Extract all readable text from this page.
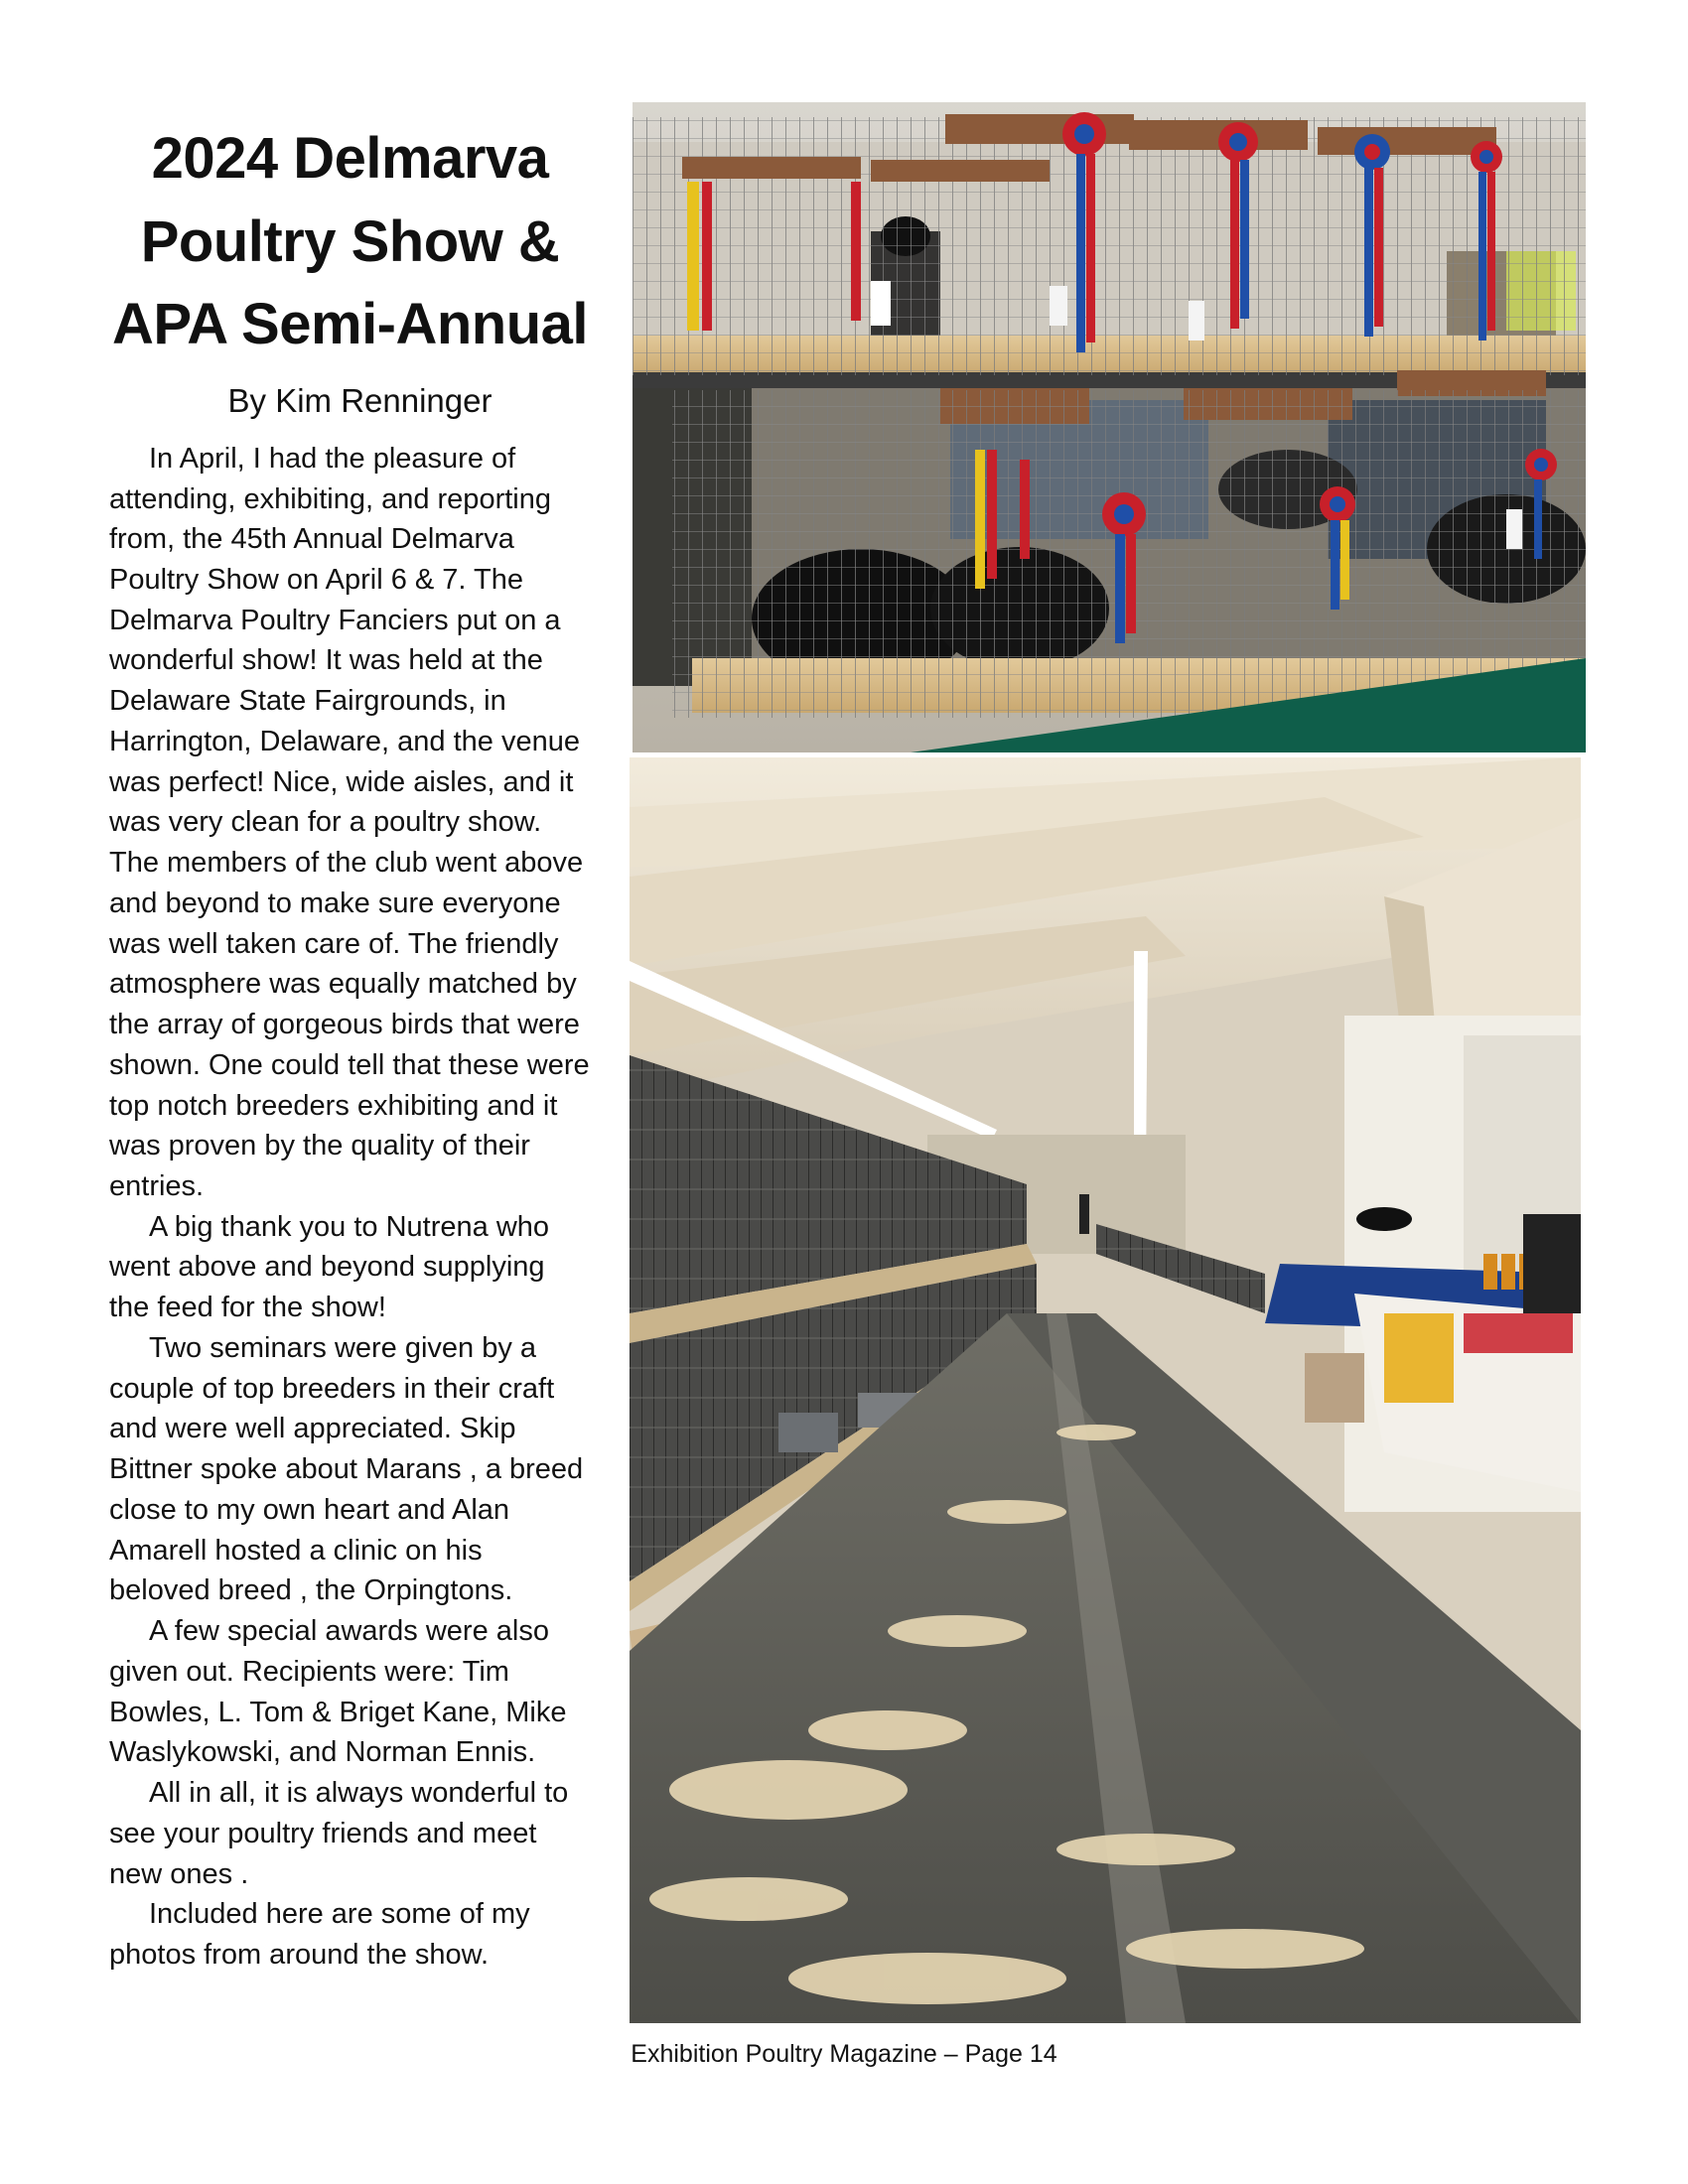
2024 Delmarva
Poultry Show &
APA Semi-Annual
By Kim Renninger

In April, I had the pleasure of attending, exhibiting, and reporting from, the 45th Annual Delmarva Poultry Show on April 6 & 7. The Delmarva Poultry Fanciers put on a wonderful show! It was held at the Delaware State Fairgrounds, in Harrington, Delaware, and the venue was perfect! Nice, wide aisles, and it was very clean for a poultry show. The members of the club went above and beyond to make sure everyone was well taken care of. The friendly atmosphere was equally matched by the array of gorgeous birds that were shown. One could tell that these were top notch breeders exhibiting and it was proven by the quality of their entries.

A big thank you to Nutrena who went above and beyond supplying the feed for the show!

Two seminars were given by a couple of top breeders in their craft and were well appreciated. Skip Bittner spoke about Marans , a breed close to my own heart and Alan Amarell hosted a clinic on his beloved breed , the Orpingtons.

A few special awards were also given out. Recipients were: Tim Bowles, L. Tom & Briget Kane, Mike Waslykowski, and Norman Ennis.

All in all, it is always wonderful to see your poultry friends and meet new ones .

Included here are some of my photos from around the show.

Exhibition Poultry Magazine – Page 14
